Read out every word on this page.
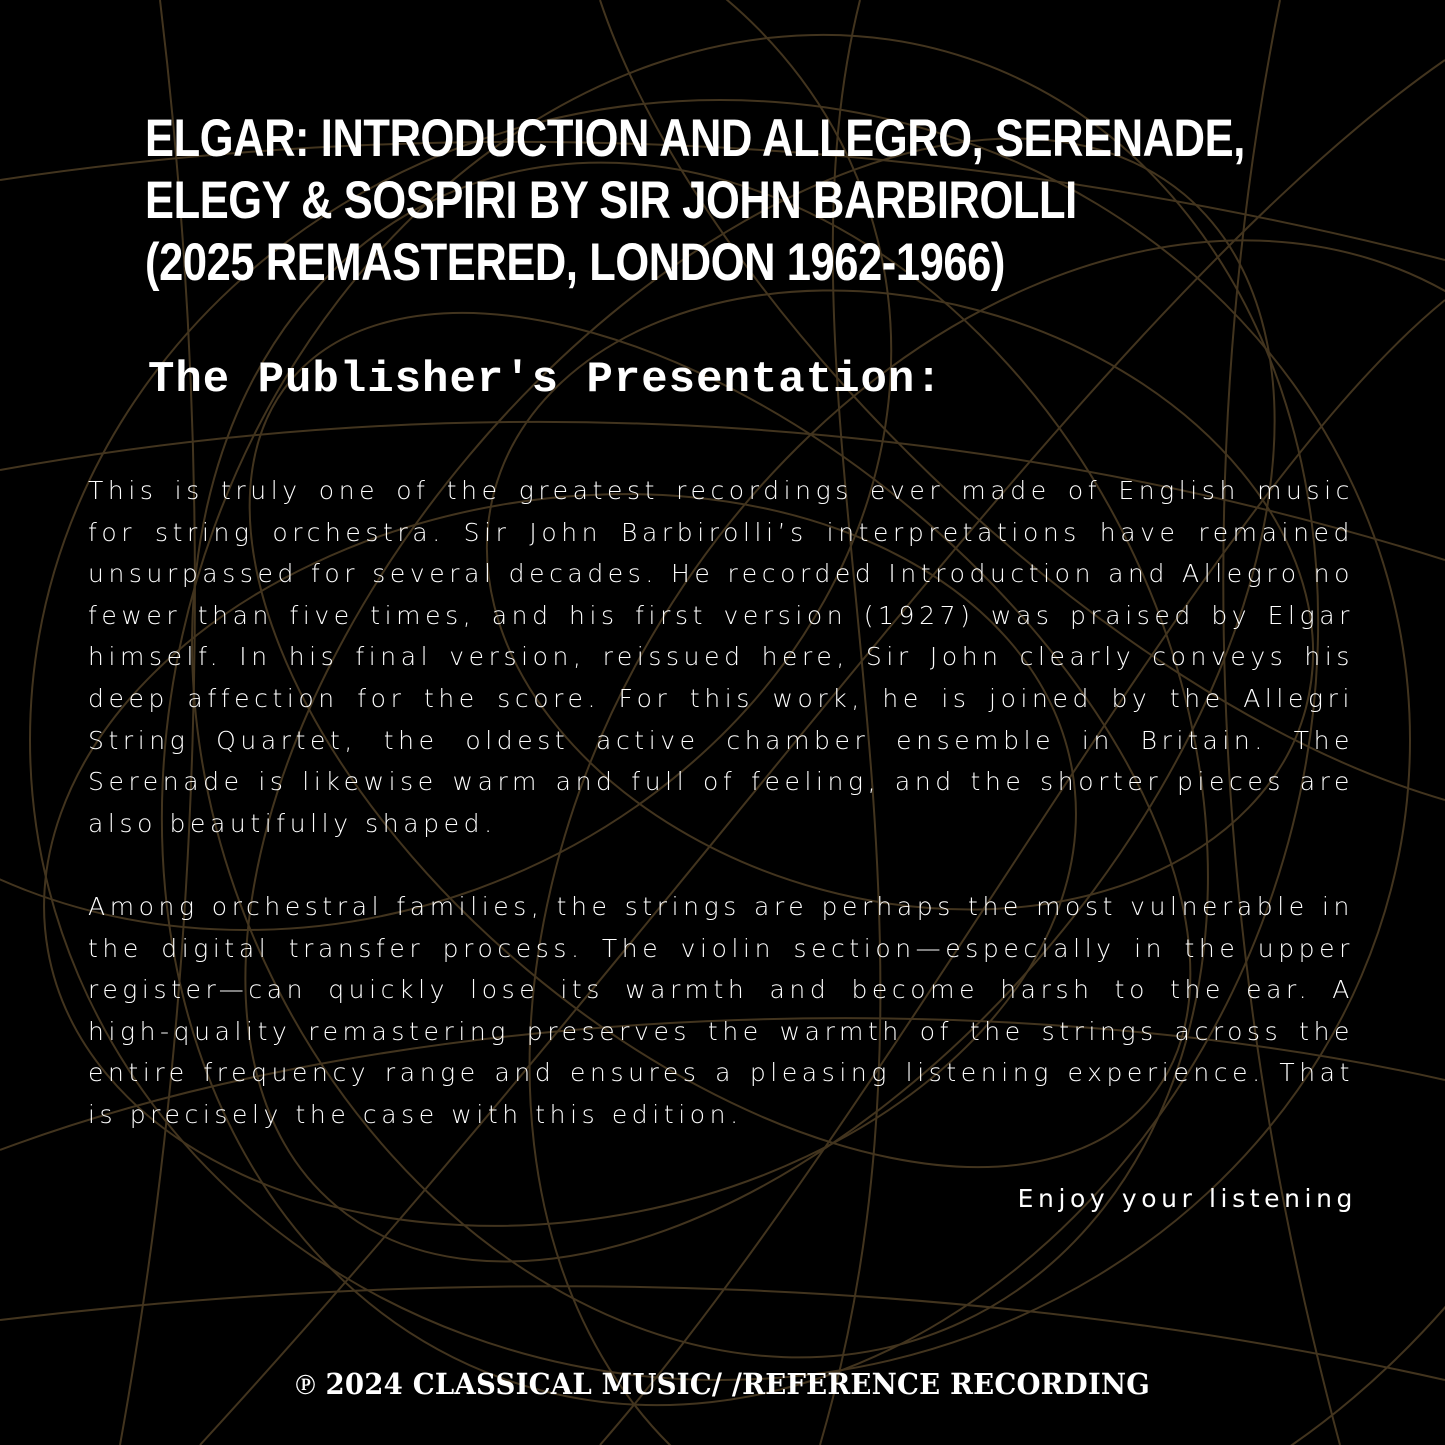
ELGAR: INTRODUCTION AND ALLEGRO, SERENADE,
ELEGY & SOSPIRI BY SIR JOHN BARBIROLLI
(2025 REMASTERED, LONDON 1962-1966)
The Publisher's Presentation:

This is truly one of the greatest recordings ever made of English music for string orchestra. Sir John Barbirolli’s interpretations have remained unsurpassed for several decades. He recorded Introduction and Allegro no fewer than five times, and his first version (1927) was praised by Elgar himself. In his final version, reissued here, Sir John clearly conveys his deep affection for the score. For this work, he is joined by the Allegri String Quartet, the oldest active chamber ensemble in Britain. The Serenade is likewise warm and full of feeling, and the shorter pieces are also beautifully shaped.

Among orchestral families, the strings are perhaps the most vulnerable in the digital transfer process. The violin section—especially in the upper register—can quickly lose its warmth and become harsh to the ear. A high-quality remastering preserves the warmth of the strings across the entire frequency range and ensures a pleasing listening experience. That is precisely the case with this edition.

Enjoy your listening
℗ 2024 CLASSICAL MUSIC/ /REFERENCE RECORDING
